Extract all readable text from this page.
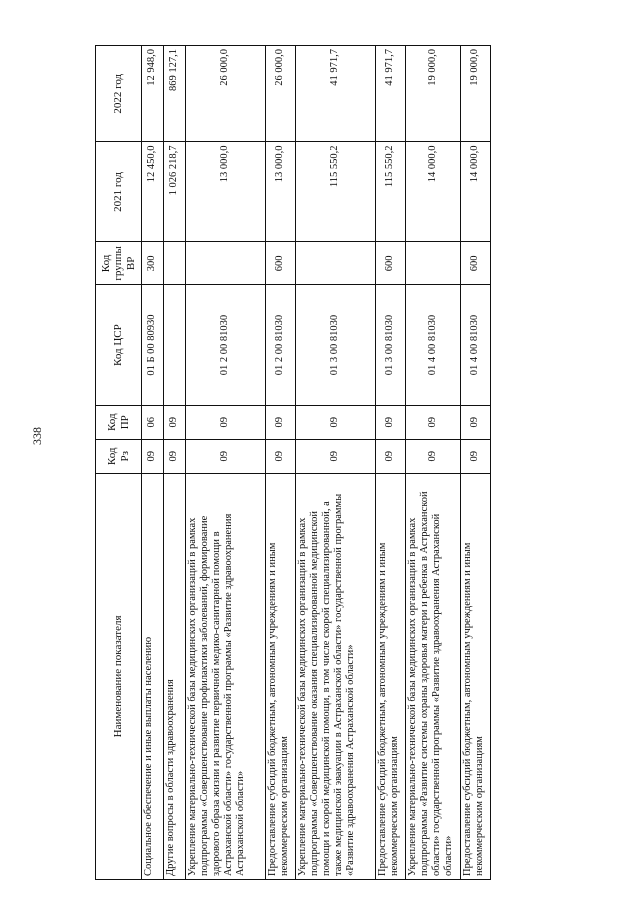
338
Наименование показателя	Код Рз	Код ПР	Код ЦСР	Код группы ВР	2021 год	2022 год
Социальное обеспечение и иные выплаты населению	09	06	01 Б 00 80930	300	12 450,0	12 948,0
Другие вопросы в области здравоохранения	09	09			1 026 218,7	869 127,1
Укрепление материально-технической базы медицинских организаций в рамках подпрограммы «Совершенствование профилактики заболеваний, формирование здорового образа жизни и развитие первичной медико-санитарной помощи в Астраханской области» государственной программы «Развитие здравоохранения Астраханской области»	09	09	01 2 00 81030		13 000,0	26 000,0
Предоставление субсидий бюджетным, автономным учреждениям и иным некоммерческим организациям	09	09	01 2 00 81030	600	13 000,0	26 000,0
Укрепление материально-технической базы медицинских организаций в рамках подпрограммы «Совершенствование оказания специализированной медицинской помощи и скорой медицинской помощи, в том числе скорой специализированной, а также медицинской эвакуации в Астраханской области» государственной программы «Развитие здравоохранения Астраханской области»	09	09	01 3 00 81030		115 550,2	41 971,7
Предоставление субсидий бюджетным, автономным учреждениям и иным некоммерческим организациям	09	09	01 3 00 81030	600	115 550,2	41 971,7
Укрепление материально-технической базы медицинских организаций в рамках подпрограммы «Развитие системы охраны здоровья матери и ребенка в Астраханской области» государственной программы «Развитие здравоохранения Астраханской области»	09	09	01 4 00 81030		14 000,0	19 000,0
Предоставление субсидий бюджетным, автономным учреждениям и иным некоммерческим организациям	09	09	01 4 00 81030	600	14 000,0	19 000,0
